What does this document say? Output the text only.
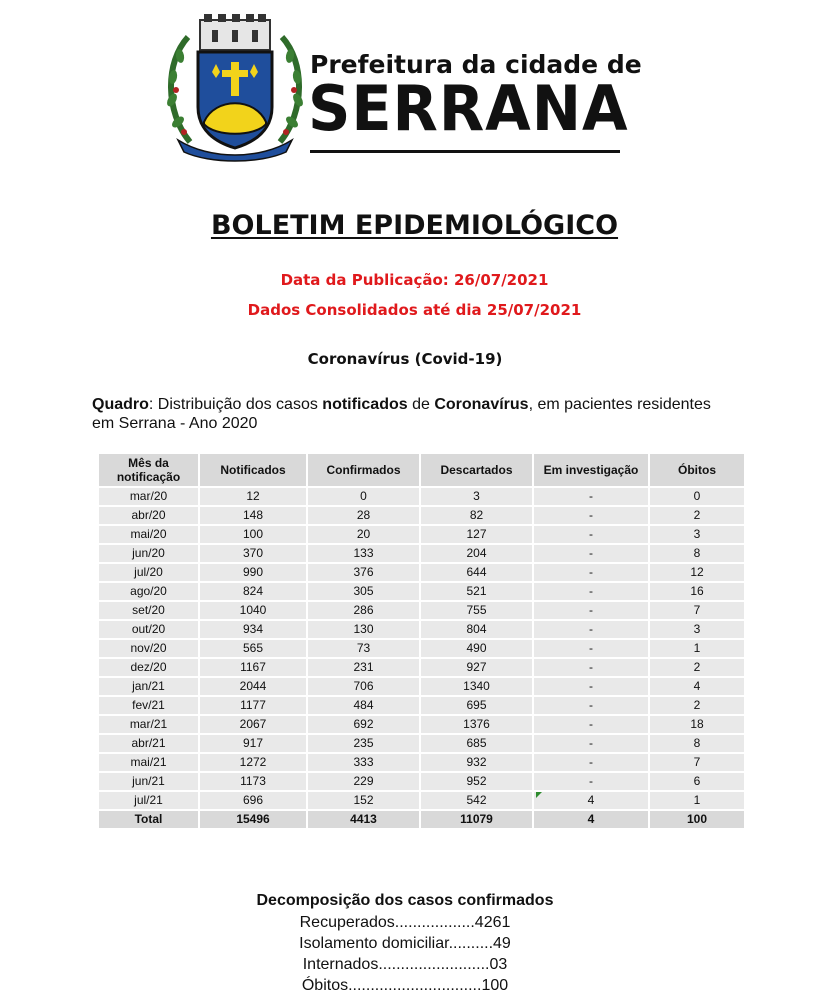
Prefeitura da cidade de
SERRANA
BOLETIM EPIDEMIOLÓGICO
Data da Publicação: 26/07/2021
Dados Consolidados até dia 25/07/2021
Coronavírus (Covid-19)
Quadro: Distribuição dos casos notificados de Coronavírus, em pacientes residentes em Serrana - Ano 2020
Mês da notificação	Notificados	Confirmados	Descartados	Em investigação	Óbitos
mar/20	12	0	3	-	0
abr/20	148	28	82	-	2
mai/20	100	20	127	-	3
jun/20	370	133	204	-	8
jul/20	990	376	644	-	12
ago/20	824	305	521	-	16
set/20	1040	286	755	-	7
out/20	934	130	804	-	3
nov/20	565	73	490	-	1
dez/20	1167	231	927	-	2
jan/21	2044	706	1340	-	4
fev/21	1177	484	695	-	2
mar/21	2067	692	1376	-	18
abr/21	917	235	685	-	8
mai/21	1272	333	932	-	7
jun/21	1173	229	952	-	6
jul/21	696	152	542	4	1
Total	15496	4413	11079	4	100
Decomposição dos casos confirmados
Recuperados..................4261
Isolamento domiciliar..........49
Internados.........................03
Óbitos..............................100
